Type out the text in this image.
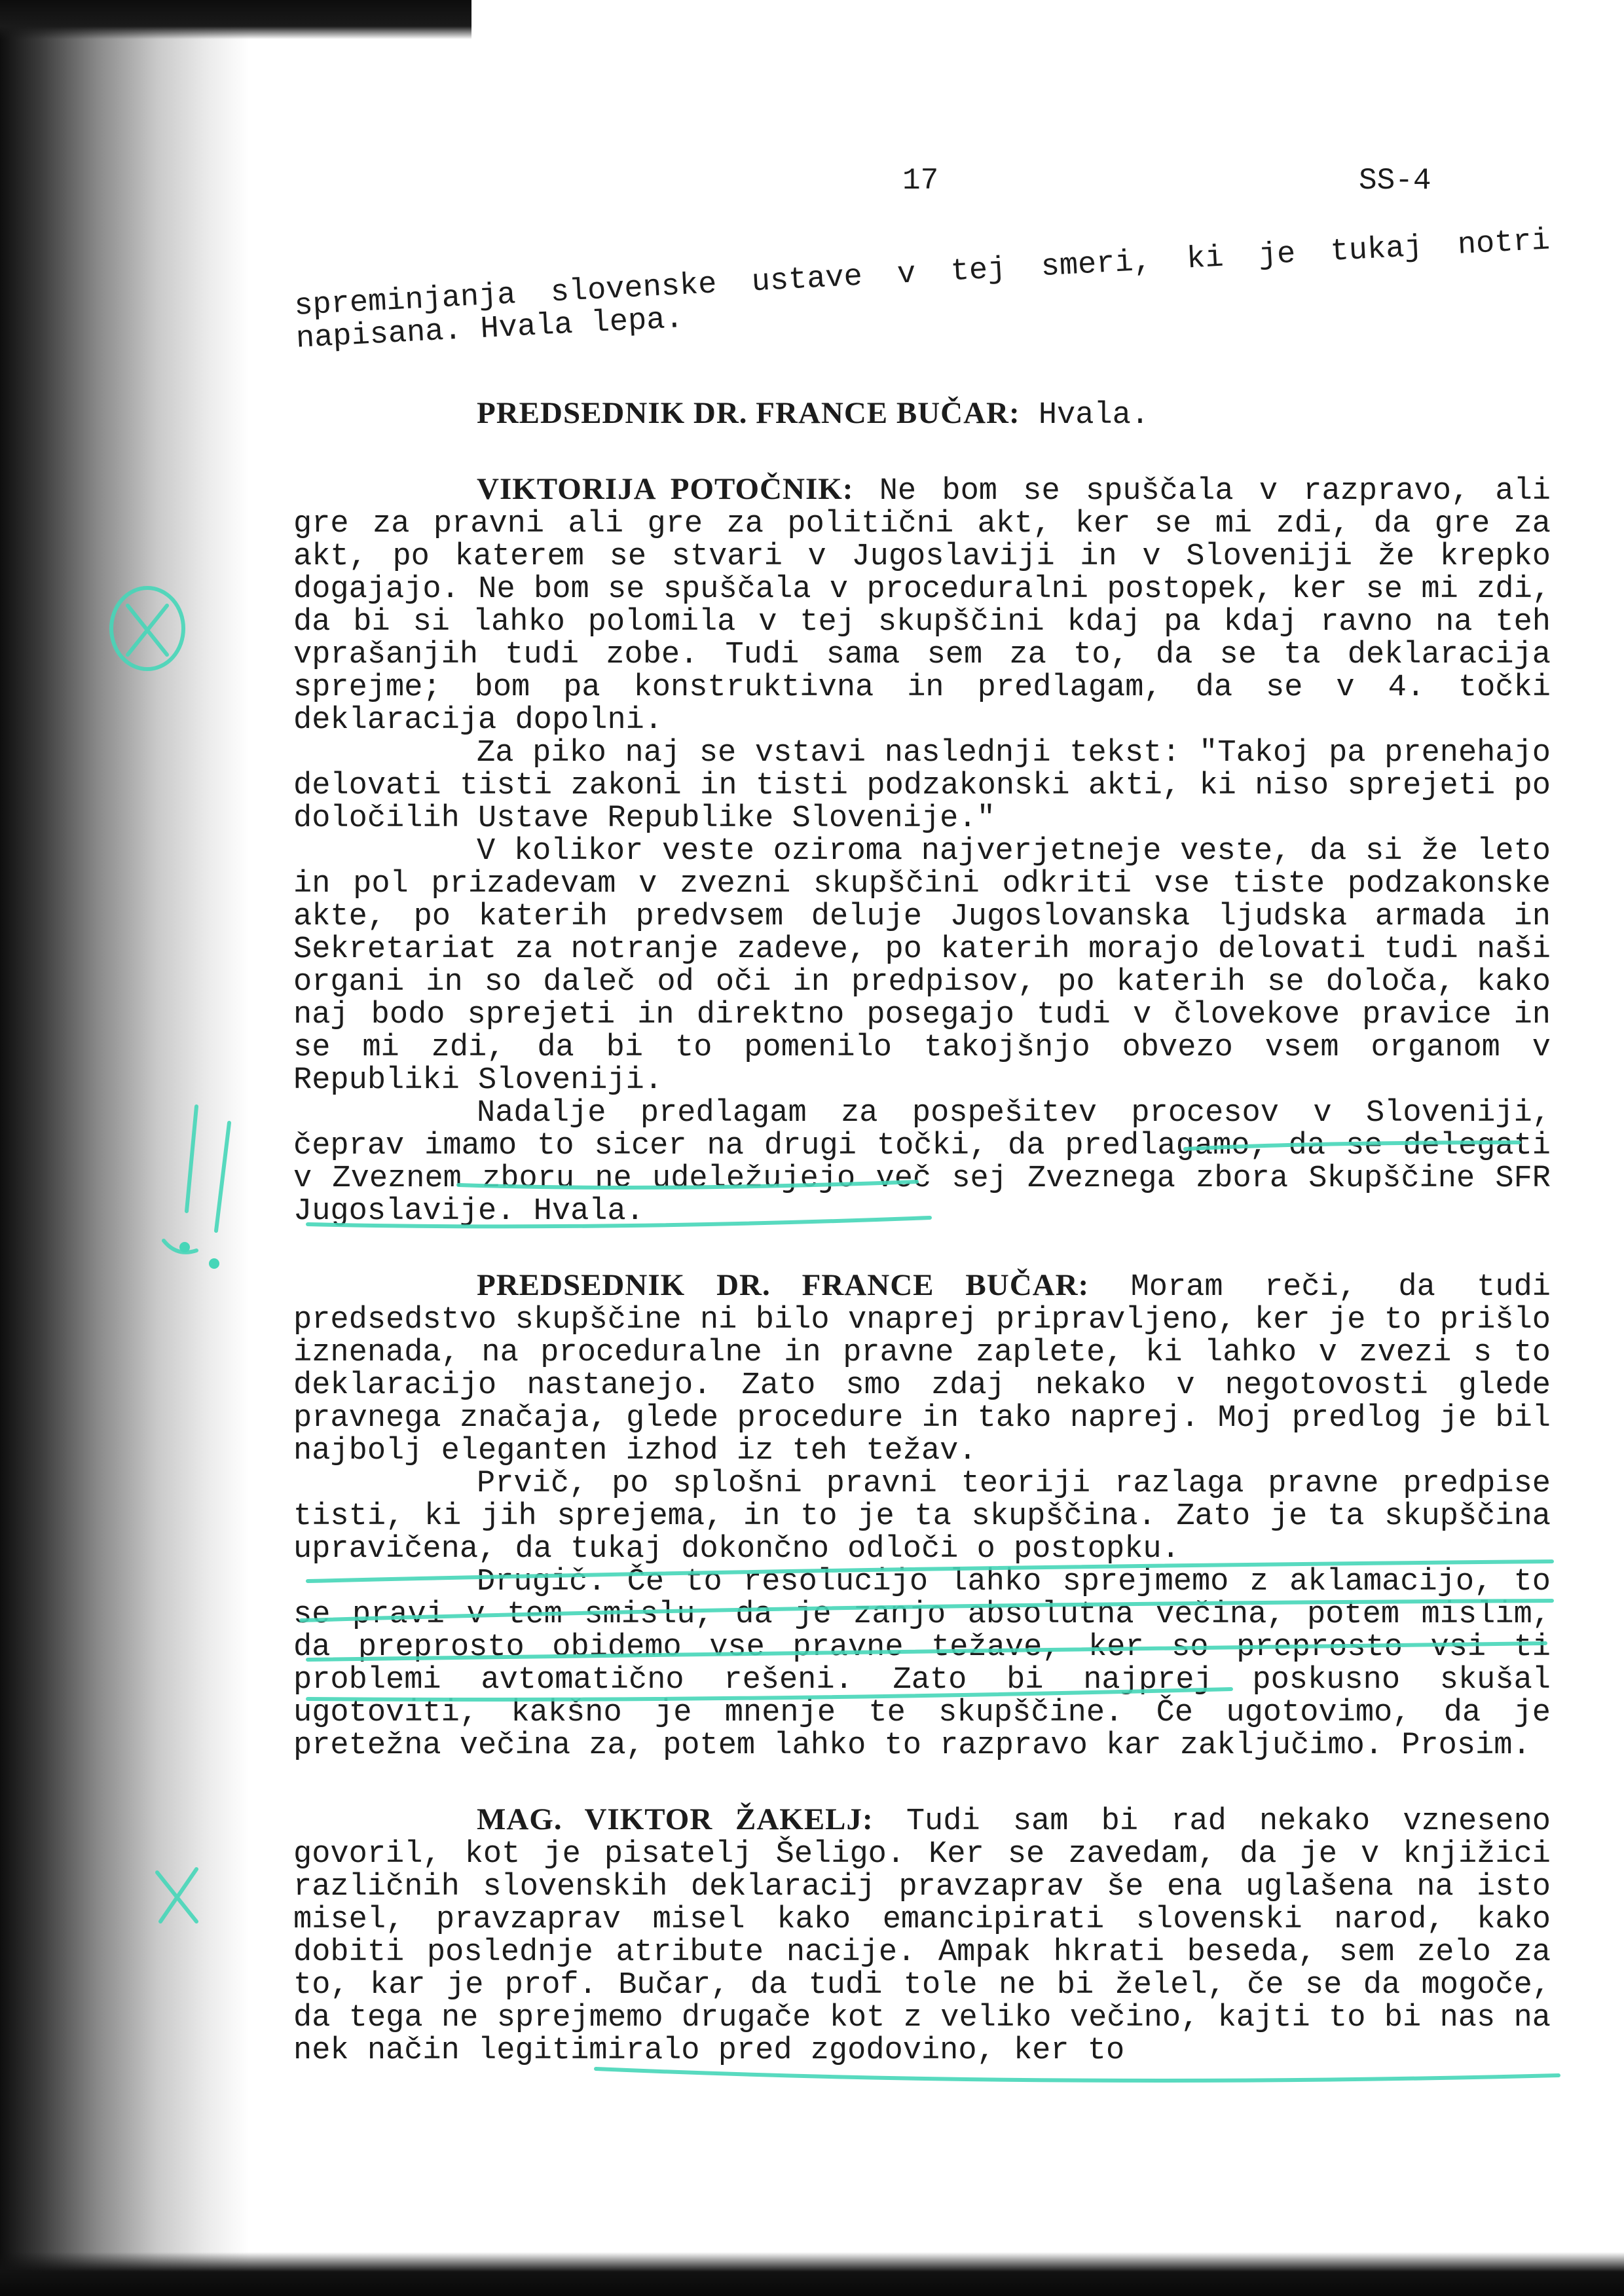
17	SS-4

spreminjanja slovenske ustave v tej smeri, ki je tukaj notri napisana. Hvala lepa.

PREDSEDNIK DR. FRANCE BUČAR: Hvala.

VIKTORIJA POTOČNIK: Ne bom se spuščala v razpravo, ali gre za pravni ali gre za politični akt, ker se mi zdi, da gre za akt, po katerem se stvari v Jugoslaviji in v Sloveniji že krepko dogajajo. Ne bom se spuščala v proceduralni postopek, ker se mi zdi, da bi si lahko polomila v tej skupščini kdaj pa kdaj ravno na teh vprašanjih tudi zobe. Tudi sama sem za to, da se ta deklaracija sprejme; bom pa konstruktivna in predlagam, da se v 4. točki deklaracija dopolni.

Za piko naj se vstavi naslednji tekst: "Takoj pa prenehajo delovati tisti zakoni in tisti podzakonski akti, ki niso sprejeti po določilih Ustave Republike Slovenije."

V kolikor veste oziroma najverjetneje veste, da si že leto in pol prizadevam v zvezni skupščini odkriti vse tiste podzakonske akte, po katerih predvsem deluje Jugoslovanska ljudska armada in Sekretariat za notranje zadeve, po katerih morajo delovati tudi naši organi in so daleč od oči in predpisov, po katerih se določa, kako naj bodo sprejeti in direktno posegajo tudi v človekove pravice in se mi zdi, da bi to pomenilo takojšnjo obvezo vsem organom v Republiki Sloveniji.

Nadalje predlagam za pospešitev procesov v Sloveniji, čeprav imamo to sicer na drugi točki, da predlagamo, da se delegati v Zveznem zboru ne udeležujejo več sej Zveznega zbora Skupščine SFR Jugoslavije. Hvala.

PREDSEDNIK DR. FRANCE BUČAR: Moram reči, da tudi predsedstvo skupščine ni bilo vnaprej pripravljeno, ker je to prišlo iznenada, na proceduralne in pravne zaplete, ki lahko v zvezi s to deklaracijo nastanejo. Zato smo zdaj nekako v negotovosti glede pravnega značaja, glede procedure in tako naprej. Moj predlog je bil najbolj eleganten izhod iz teh težav.

Prvič, po splošni pravni teoriji razlaga pravne predpise tisti, ki jih sprejema, in to je ta skupščina. Zato je ta skupščina upravičena, da tukaj dokončno odloči o postopku.

Drugič. Če to resolucijo lahko sprejmemo z aklamacijo, to se pravi v tem smislu, da je zanjo absolutna večina, potem mislim, da preprosto obidemo vse pravne težave, ker so preprosto vsi ti problemi avtomatično rešeni. Zato bi najprej poskusno skušal ugotoviti, kakšno je mnenje te skupščine. Če ugotovimo, da je pretežna večina za, potem lahko to razpravo kar zaključimo. Prosim.

MAG. VIKTOR ŽAKELJ: Tudi sam bi rad nekako vzneseno govoril, kot je pisatelj Šeligo. Ker se zavedam, da je v knjižici različnih slovenskih deklaracij pravzaprav še ena uglašena na isto misel, pravzaprav misel kako emancipirati slovenski narod, kako dobiti poslednje atribute nacije. Ampak hkrati beseda, sem zelo za to, kar je prof. Bučar, da tudi tole ne bi želel, če se da mogoče, da tega ne sprejmemo drugače kot z veliko večino, kajti to bi nas na nek način legitimiralo pred zgodovino, ker to
